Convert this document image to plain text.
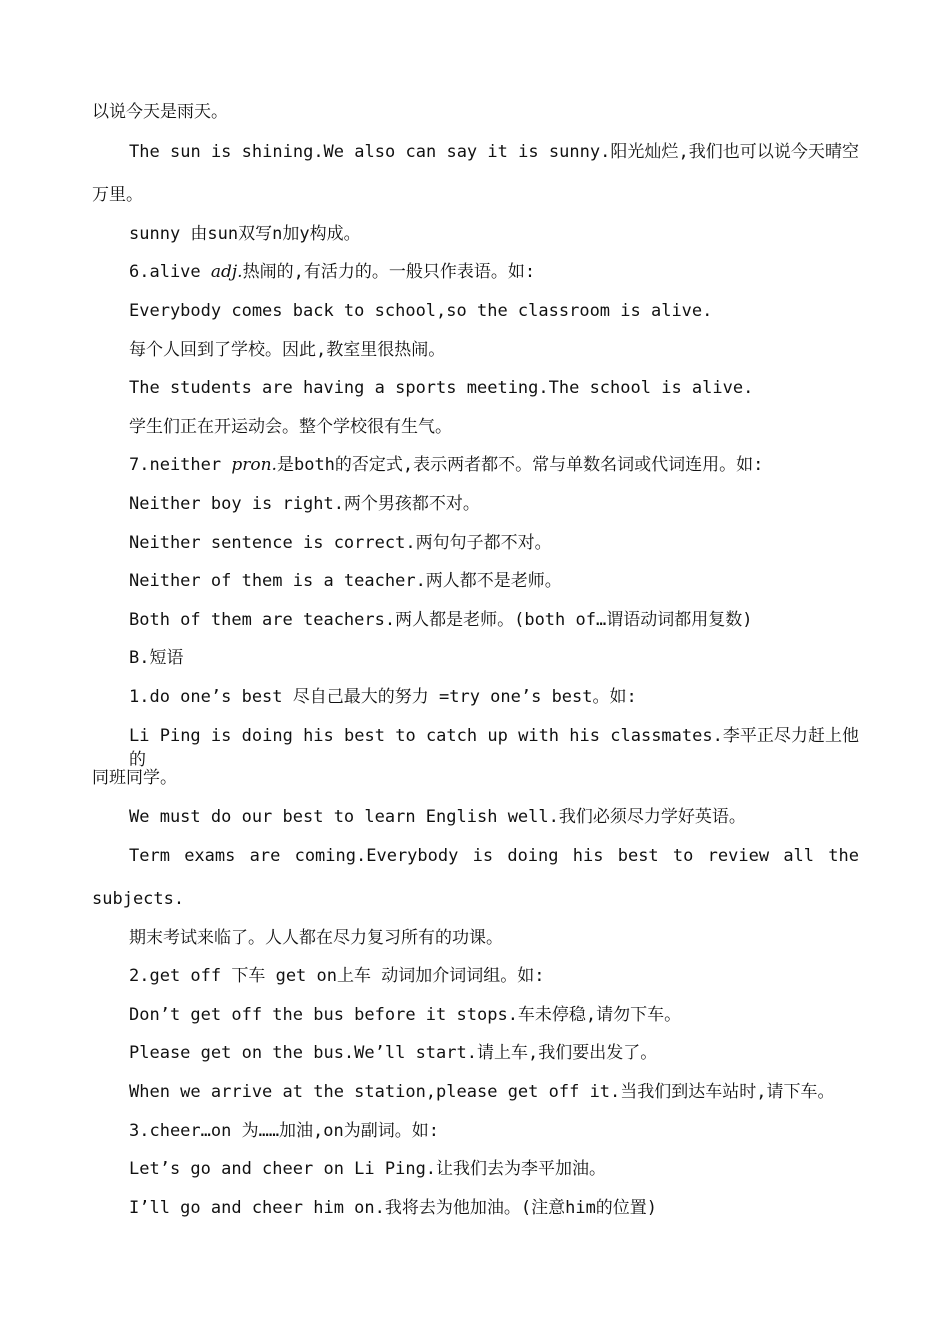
以说今天是雨天。
The sun is shining.We also can say it is sunny.阳光灿烂,我们也可以说今天晴空
万里。
sunny 由sun双写n加y构成。
6.alive adj.热闹的,有活力的。一般只作表语。如:
Everybody comes back to school,so the classroom is alive.
每个人回到了学校。因此,教室里很热闹。
The students are having a sports meeting.The school is alive.
学生们正在开运动会。整个学校很有生气。
7.neither pron.是both的否定式,表示两者都不。常与单数名词或代词连用。如:
Neither boy is right.两个男孩都不对。
Neither sentence is correct.两句句子都不对。
Neither of them is a teacher.两人都不是老师。
Both of them are teachers.两人都是老师。(both of…谓语动词都用复数)
B.短语
1.do one’s best 尽自己最大的努力 =try one’s best。如:
Li Ping is doing his best to catch up with his classmates.李平正尽力赶上他的
同班同学。
We must do our best to learn English well.我们必须尽力学好英语。
Term exams are coming.Everybody is doing his best to review all the
subjects.
期末考试来临了。人人都在尽力复习所有的功课。
2.get off 下车 get on上车 动词加介词词组。如:
Don’t get off the bus before it stops.车未停稳,请勿下车。
Please get on the bus.We’ll start.请上车,我们要出发了。
When we arrive at the station,please get off it.当我们到达车站时,请下车。
3.cheer…on 为……加油,on为副词。如:
Let’s go and cheer on Li Ping.让我们去为李平加油。
I’ll go and cheer him on.我将去为他加油。(注意him的位置)
